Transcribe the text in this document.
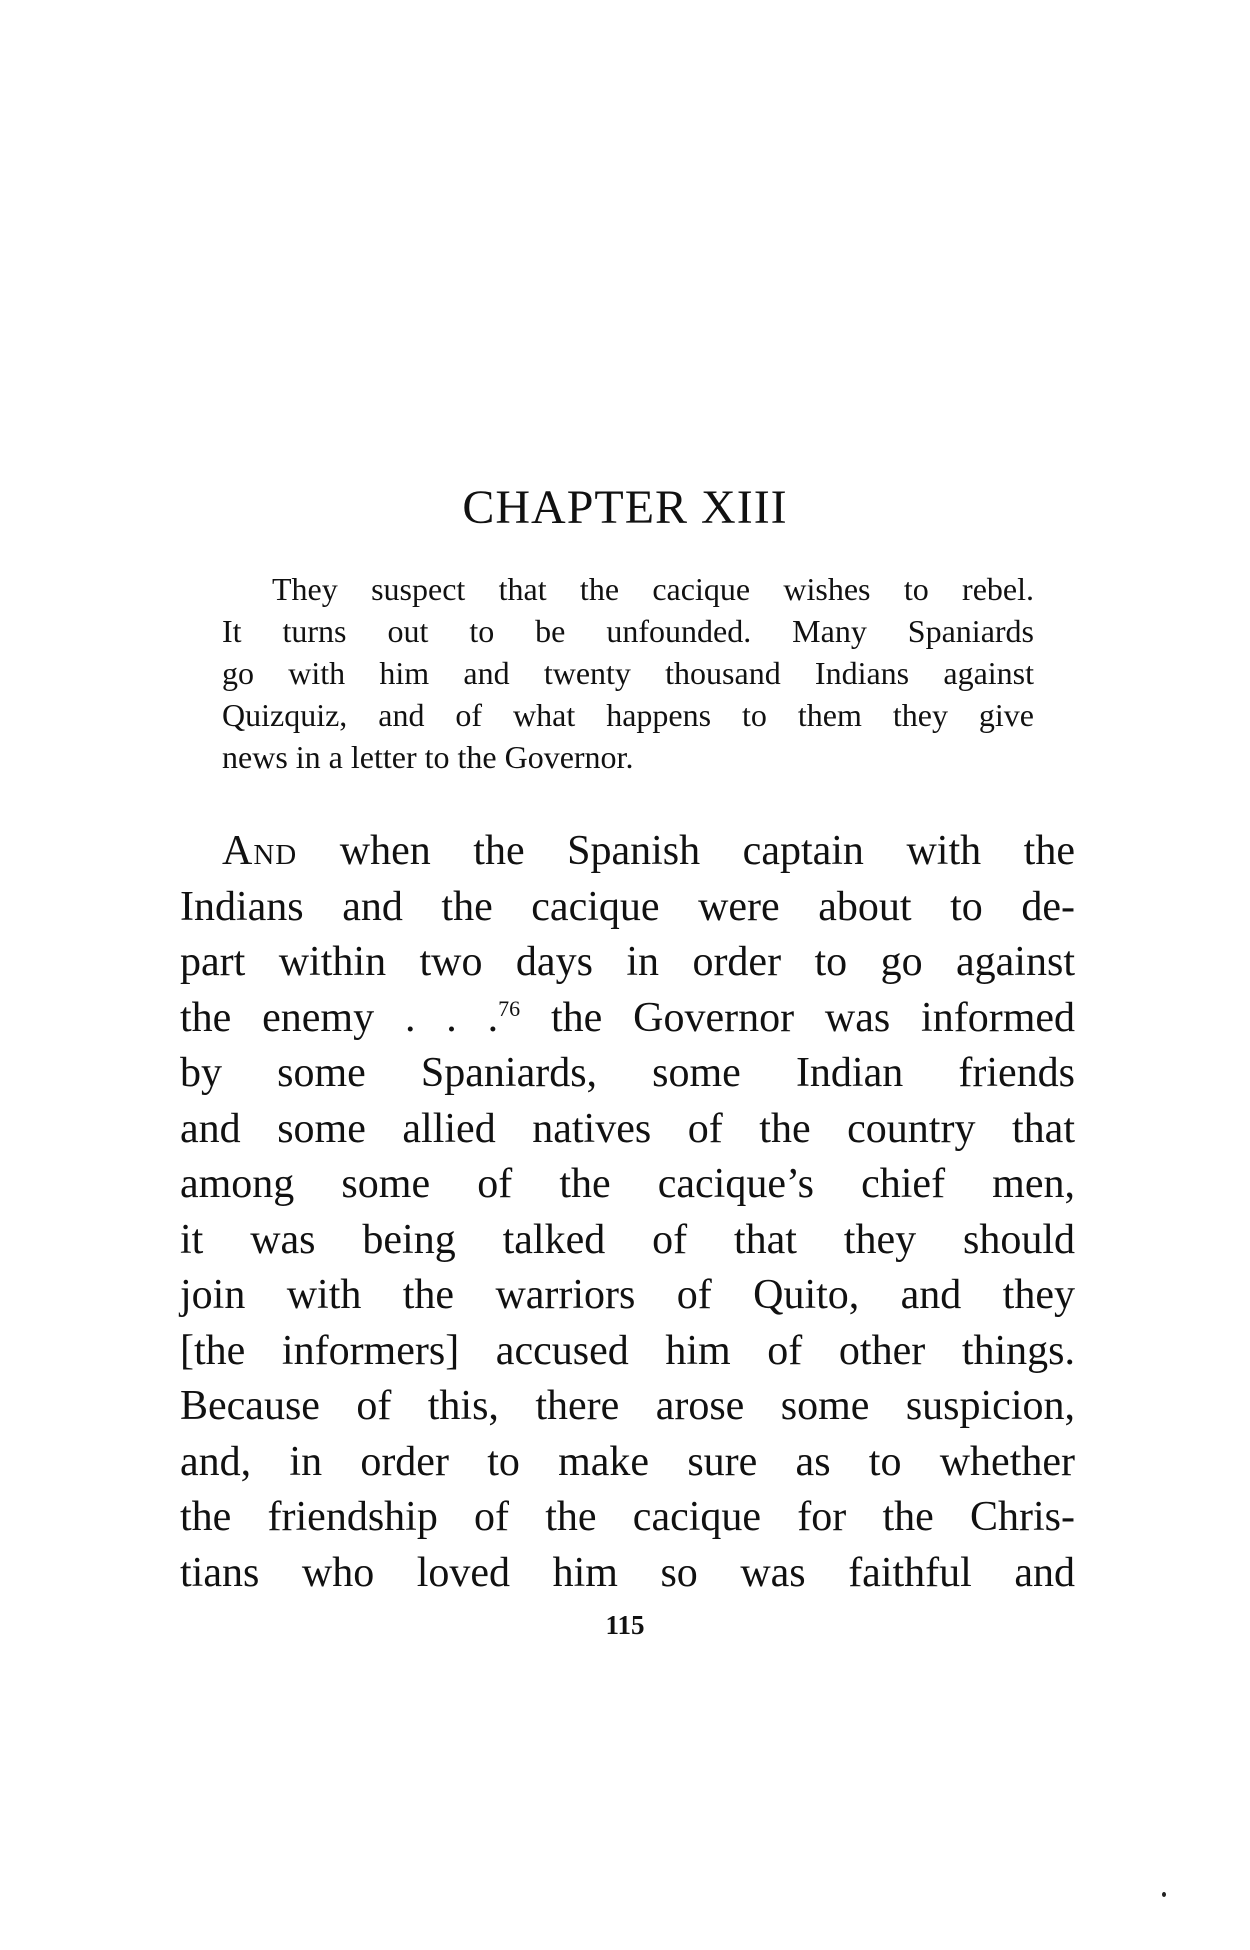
CHAPTER XIII

They suspect that the cacique wishes to rebel.
It turns out to be unfounded. Many Spaniards
go with him and twenty thousand Indians against
Quizquiz, and of what happens to them they give
news in a letter to the Governor.

And when the Spanish captain with the
Indians and the cacique were about to de-
part within two days in order to go against
the enemy . . .$^{76}$ the Governor was informed
by some Spaniards, some Indian friends
and some allied natives of the country that
among some of the cacique’s chief men,
it was being talked of that they should
join with the warriors of Quito, and they
[the informers] accused him of other things.
Because of this, there arose some suspicion,
and, in order to make sure as to whether
the friendship of the cacique for the Chris-
tians who loved him so was faithful and

115
